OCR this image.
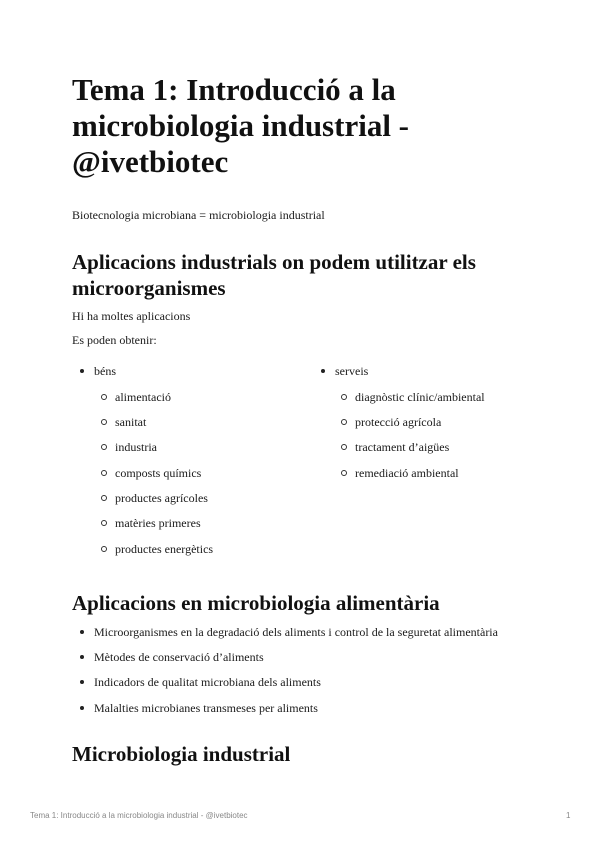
Tema 1: Introducció a la microbiologia industrial - @ivetbiotec

Biotecnologia microbiana = microbiologia industrial

Aplicacions industrials on podem utilitzar els microorganismes

Hi ha moltes aplicacions

Es poden obtenir:

béns
alimentació
sanitat
industria
composts químics
productes agrícoles
matèries primeres
productes energètics
serveis
diagnòstic clínic/ambiental
protecció agrícola
tractament d’aigües
remediació ambiental
Aplicacions en microbiologia alimentària
Microorganismes en la degradació dels aliments i control de la seguretat alimentària
Mètodes de conservació d’aliments
Indicadors de qualitat microbiana dels aliments
Malalties microbianes transmeses per aliments
Microbiologia industrial
Tema 1: Introducció a la microbiologia industrial - @ivetbiotec	1
